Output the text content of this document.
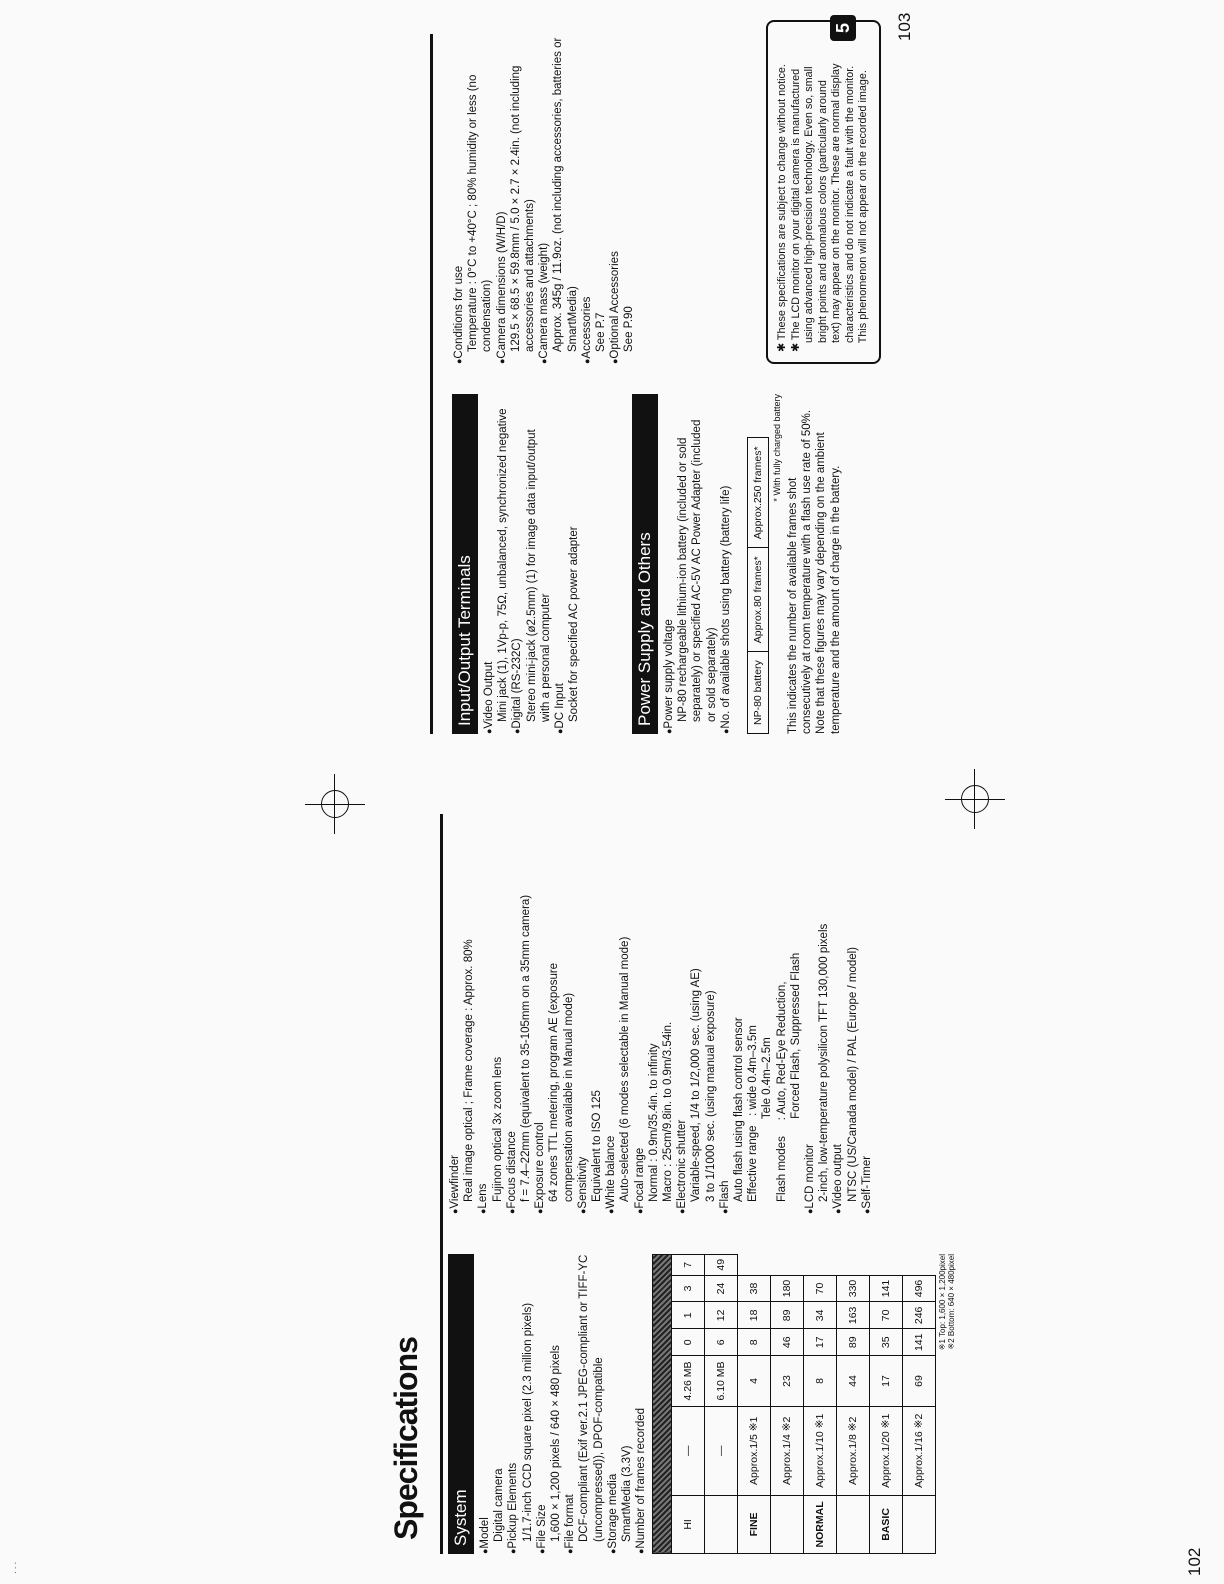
...
Specifications System ● Model Digital camera ● Pickup Elements 1/1.7-inch CCD square pixel (2.3 million pixels) ● File Size 1,600 × 1,200 pixels / 640 × 480 pixels ● File format DCF-compliant (Exif ver.2.1 JPEG-compliant or TIFF-YC (uncompressed)), DPOF-compatible ● Storage media SmartMedia (3.3V) ● Number of frames recorded	HI	—	4.26 MB	0	1	3	7
	—	6.10 MB	6	12	24	49
FINE	Approx.1/5 ※1	4	8	18	38	
	Approx.1/4 ※2	23	46	89	180	
NORMAL	Approx.1/10 ※1	8	17	34	70	
	Approx.1/8 ※2	44	89	163	330	
BASIC	Approx.1/20 ※1	17	35	70	141	
	Approx.1/16 ※2	69	141	246	496	※1 Top: 1,600 × 1,200pixel ※2 Bottom: 640 × 480pixel
● Viewfinder Real image optical ; Frame coverage : Approx. 80% ● Lens Fujinon optical 3x zoom lens ● Focus distance f = 7.4–22mm (equivalent to 35-105mm on a 35mm camera) ● Exposure control 64 zones TTL metering, program AE (exposure compensation available in Manual mode) ● Sensitivity Equivalent to ISO 125 ● White balance Auto-selected (6 modes selectable in Manual mode) ● Focal range Normal : 0.9m/35.4in. to infinity Macro : 25cm/9.8in. to 0.9m/3.54in. ● Electronic shutter Variable-speed, 1/4 to 1/2,000 sec. (using AE) 3 to 1/1000 sec. (using manual exposure) ● Flash Auto flash using flash control sensor Effective range   : wide 0.4m–3.5m Tele 0.4m–2.5m Flash modes     : Auto, Red-Eye Reduction, Forced Flash, Suppressed Flash ● LCD monitor 2-inch, low-temperature polysilicon TFT 130,000 pixels ● Video output NTSC (US/Canada model) / PAL (Europe / model) ● Self-Timer
102
Input/Output Terminals ● Video Output Mini jack (1), 1Vp-p, 75Ω, unbalanced, synchronized negative ● Digital (RS-232C) Stereo mini-jack (ø2.5mm) (1) for image data input/output with a personal computer ● DC Input Socket for specified AC power adapter	Power Supply and Others ● Power supply voltage NP-80 rechargeable lithium-ion battery (included or sold separately) or specified AC-5V AC Power Adapter (included or sold separately) ● No. of available shots using battery (battery life) NP-80 battery	Approx.80 frames*	Approx.250 frames* * With fully charged battery
This indicates the number of available frames shot consecutively at room temperature with a flash use rate of 50%. Note that these figures may vary depending on the ambient temperature and the amount of charge in the battery.
● Conditions for use Temperature : 0°C to +40°C ; 80% humidity or less (no condensation) ● Camera dimensions (W/H/D) 129.5 × 68.5 × 59.8mm / 5.0 × 2.7 × 2.4in. (not including accessories and attachments) ● Camera mass (weight) Approx. 345g / 11.9oz. (not including accessories, batteries or SmartMedia) ● Accessories See P.7 ● Optional Accessories See P.90	✱ These specifications are subject to change without notice. ✱ The LCD monitor on your digital camera is manufactured using advanced high-precision technology. Even so, small bright points and anomalous colors (particularly around text) may appear on the monitor. These are normal display characteristics and do not indicate a fault with the monitor. This phenomenon will not appear on the recorded image.
5 103
